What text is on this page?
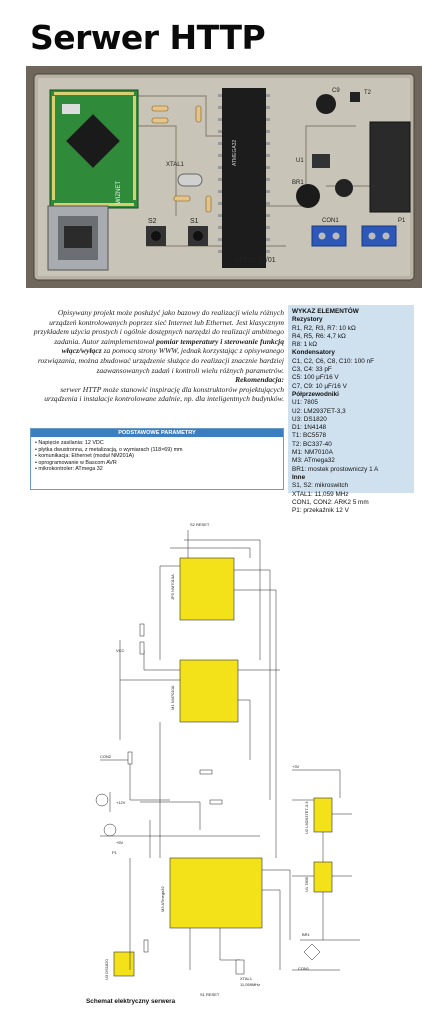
Serwer HTTP
WIZNET
ATMEGA32
XTAL1
S2	S1
C9	T2
U1
BR1
CON1	P1
A15.09 01/01

Opisywany projekt może posłużyć jako bazowy do realizacji wielu różnych urządzeń kontrolowanych poprzez sieć Internet lub Ethernet. Jest klasycznym przykładem użycia prostych i ogólnie dostępnych narzędzi do realizacji ambitnego zadania. Autor zaimplementował pomiar temperatury i sterowanie funkcją włącz/wyłącz za pomocą strony WWW, jednak korzystając z opisywanego rozwiązania, można zbudować urządzenie służące do realizacji znacznie bardziej zaawansowanych zadań i kontroli wielu różnych parametrów.

Rekomendacja:

serwer HTTP może stanowić inspirację dla konstruktorów projektujących urządzenia i instalacje kontrolowane zdalnie, np. dla inteligentnych budynków.

WYKAZ ELEMENTÓW
Rezystory
R1, R2, R3, R7: 10 kΩ
R4, R5, R6: 4,7 kΩ
R8: 1 kΩ
Kondensatory
C1, C2, C6, C8, C10: 100 nF
C3, C4: 33 pF
C5: 100 μF/16 V
C7, C9: 10 μF/16 V
Półprzewodniki
U1: 7805
U2: LM2937ET-3,3
U3: DS1820
D1: 1N4148
T1: BC5578
T2: BC337-40
M1: NM7010A
M3: ATmega32
BR1: mostek prostowniczy 1 A
Inne
S1, S2: mikroswitch
XTAL1: 11,059 MHz
CON1, CON2: ARK2 5 mm
P1: przekaźnik 12 V
PODSTAWOWE PARAMETRY
• Napięcie zasilania: 12 VDC
• płytka dwustronna, z metalizacją, o wymiarach (118×69) mm
• komunikacja: Ethernet (moduł NM201A)
• oprogramowanie w Bascom AVR
• mikrokontroler: ATmega 32
JP3 NM7010A
M1 NM7010A
M3 ATmega32
U2 LM2937ET-3.3
U1 7805
U3 DS1820
CON2
CON1
BR1
XTAL1
11,059MHz
VCC
+5V
+12V
+3V
S2 RESET
S1 RESET
P1
Schemat elektryczny serwera
